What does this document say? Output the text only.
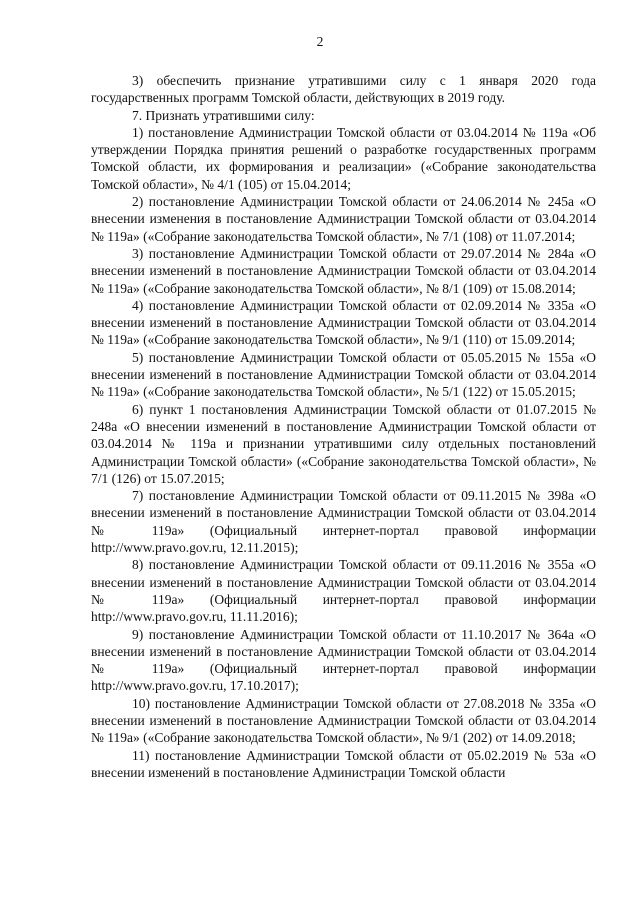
2

3) обеспечить признание утратившими силу с 1 января 2020 года государственных программ Томской области, действующих в 2019 году.

7. Признать утратившими силу:

1) постановление Администрации Томской области от 03.04.2014 № 119а «Об утверждении Порядка принятия решений о разработке государственных программ Томской области, их формирования и реализации» («Собрание законодательства Томской области», № 4/1 (105) от 15.04.2014;

2) постановление Администрации Томской области от 24.06.2014 № 245а «О внесении изменения в постановление Администрации Томской области от 03.04.2014 № 119а» («Собрание законодательства Томской области», № 7/1 (108) от 11.07.2014;

3) постановление Администрации Томской области от 29.07.2014 № 284а «О внесении изменений в постановление Администрации Томской области от 03.04.2014 № 119а» («Собрание законодательства Томской области», № 8/1 (109) от 15.08.2014;

4) постановление Администрации Томской области от 02.09.2014 № 335а «О внесении изменений в постановление Администрации Томской области от 03.04.2014 № 119а» («Собрание законодательства Томской области», № 9/1 (110) от 15.09.2014;

5) постановление Администрации Томской области от 05.05.2015 № 155а «О внесении изменений в постановление Администрации Томской области от 03.04.2014 № 119а» («Собрание законодательства Томской области», № 5/1 (122) от 15.05.2015;

6) пункт 1 постановления Администрации Томской области от 01.07.2015 № 248а «О внесении изменений в постановление Администрации Томской области от 03.04.2014 № 119а и признании утратившими силу отдельных постановлений Администрации Томской области» («Собрание законодательства Томской области», № 7/1 (126) от 15.07.2015;

7) постановление Администрации Томской области от 09.11.2015 № 398а «О внесении изменений в постановление Администрации Томской области от 03.04.2014 № 119а» (Официальный интернет-портал правовой информации http://www.pravo.gov.ru, 12.11.2015);

8) постановление Администрации Томской области от 09.11.2016 № 355а «О внесении изменений в постановление Администрации Томской области от 03.04.2014 № 119а» (Официальный интернет-портал правовой информации http://www.pravo.gov.ru, 11.11.2016);

9) постановление Администрации Томской области от 11.10.2017 № 364а «О внесении изменений в постановление Администрации Томской области от 03.04.2014 № 119а» (Официальный интернет-портал правовой информации http://www.pravo.gov.ru, 17.10.2017);

10) постановление Администрации Томской области от 27.08.2018 № 335а «О внесении изменений в постановление Администрации Томской области от 03.04.2014 № 119а» («Собрание законодательства Томской области», № 9/1 (202) от 14.09.2018;

11) постановление Администрации Томской области от 05.02.2019 № 53а «О внесении изменений в постановление Администрации Томской области
